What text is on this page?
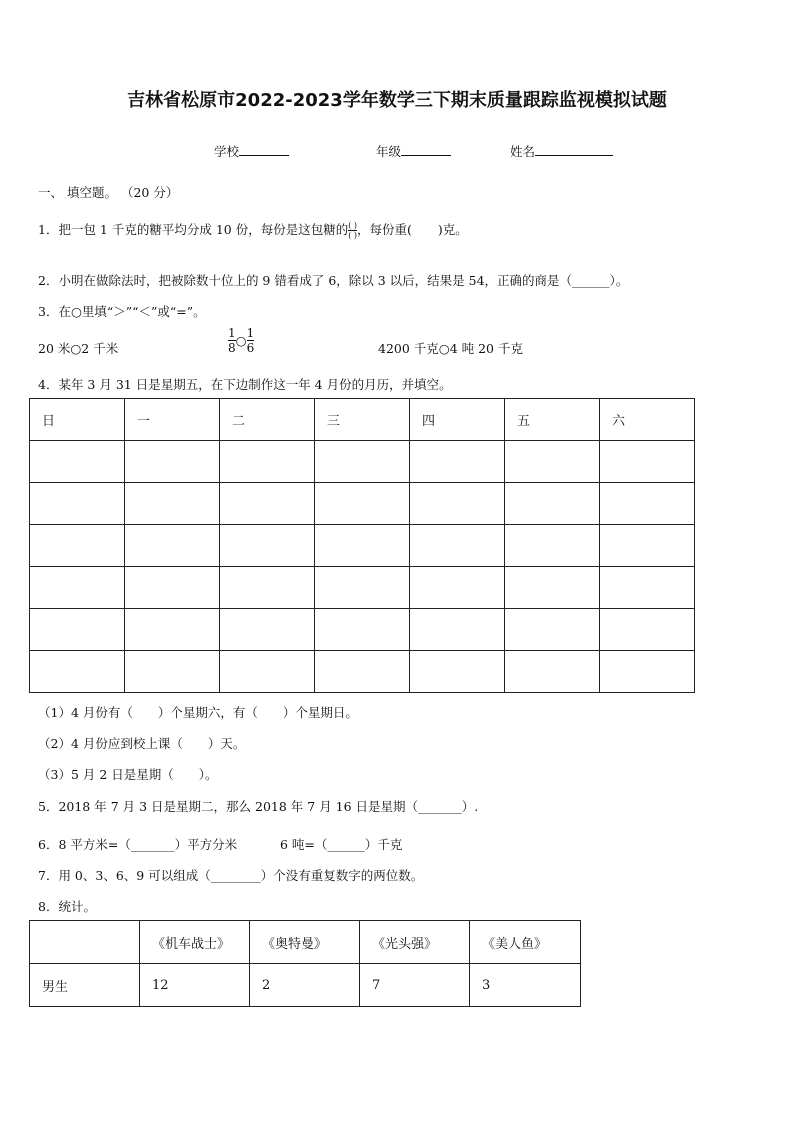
吉林省松原市2022-2023学年数学三下期末质量跟踪监视模拟试题
学校	年级	姓名
一、 填空题。 （20 分）
1．把一包 1 千克的糖平均分成 10 份，每份是这包糖的 $\frac{( )}{( )}$ ，每份重( )克。
2．小明在做除法时，把被除数十位上的 9 错看成了 6，除以 3 以后，结果是 54，正确的商是（______）。
3．在○里填“＞”“＜”或“=”。
20 米○2 千米	$\frac{1}{8}$ ○ $\frac{1}{6}$	4200 千克○4 吨 20 千克
4．某年 3 月 31 日是星期五，在下边制作这一年 4 月份的月历，并填空。
日	一	二	三	四	五	六

（1）4 月份有（　　）个星期六，有（　　）个星期日。
（2）4 月份应到校上课（　　）天。
（3）5 月 2 日是星期（　　）。
5．2018 年 7 月 3 日是星期二，那么 2018 年 7 月 16 日是星期（_______）.
6．8 平方米=（_______）平方分米	6 吨=（______）千克
7．用 0、3、6、9 可以组成（________）个没有重复数字的两位数。
8．统计。
	《机车战士》	《奥特曼》	《光头强》	《美人鱼》
男生	12	2	7	3
